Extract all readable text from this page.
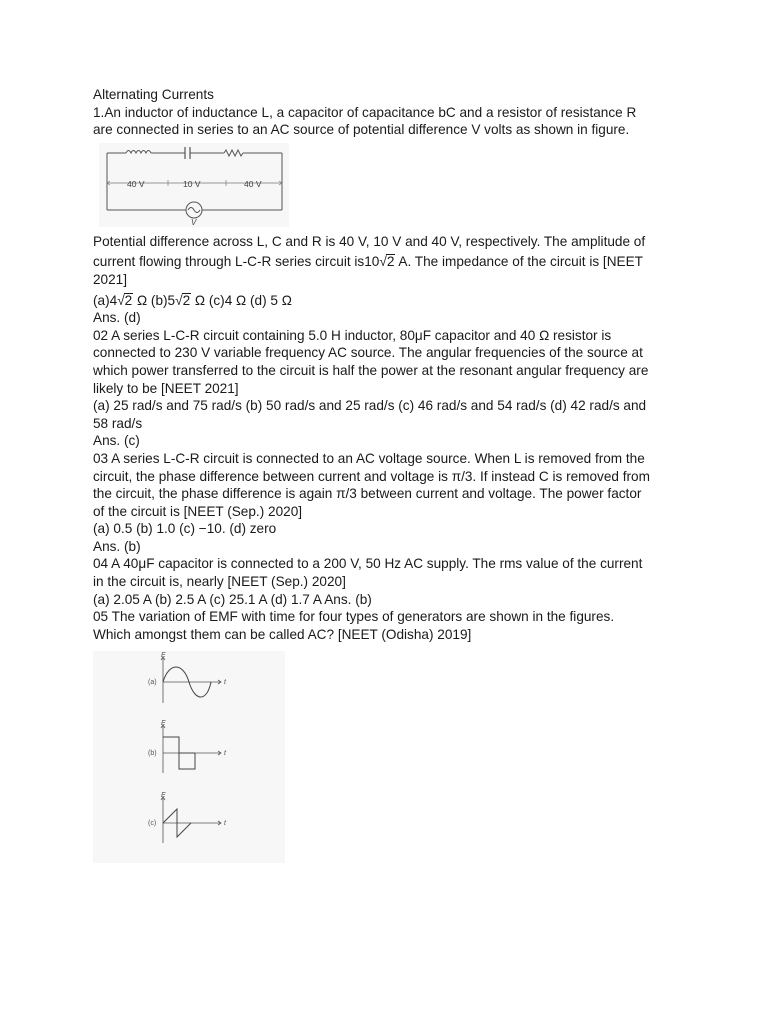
Alternating Currents
1.An inductor of inductance L, a capacitor of capacitance bC and a resistor of resistance R
are connected in series to an AC source of potential difference V volts as shown in figure.
40 V	10 V	40 V
V
Potential difference across L, C and R is 40 V, 10 V and 40 V, respectively. The amplitude of
current flowing through L-C-R series circuit is10√2 A. The impedance of the circuit is [NEET
2021]
(a)4√2 Ω (b)5√2 Ω (c)4 Ω (d) 5 Ω
Ans. (d)
02 A series L-C-R circuit containing 5.0 H inductor, 80μF capacitor and 40 Ω resistor is
connected to 230 V variable frequency AC source. The angular frequencies of the source at
which power transferred to the circuit is half the power at the resonant angular frequency are
likely to be [NEET 2021]
(a) 25 rad/s and 75 rad/s (b) 50 rad/s and 25 rad/s (c) 46 rad/s and 54 rad/s (d) 42 rad/s and
58 rad/s
Ans. (c)
03 A series L-C-R circuit is connected to an AC voltage source. When L is removed from the
circuit, the phase difference between current and voltage is π/3. If instead C is removed from
the circuit, the phase difference is again π/3 between current and voltage. The power factor
of the circuit is [NEET (Sep.) 2020]
(a) 0.5 (b) 1.0 (c) −10. (d) zero
Ans. (b)
04 A 40μF capacitor is connected to a 200 V, 50 Hz AC supply. The rms value of the current
in the circuit is, nearly [NEET (Sep.) 2020]
(a) 2.05 A (b) 2.5 A (c) 25.1 A (d) 1.7 A Ans. (b)
05 The variation of EMF with time for four types of generators are shown in the figures.
Which amongst them can be called AC? [NEET (Odisha) 2019]
E
t
(a)
E
t
(b)
E
t
(c)
